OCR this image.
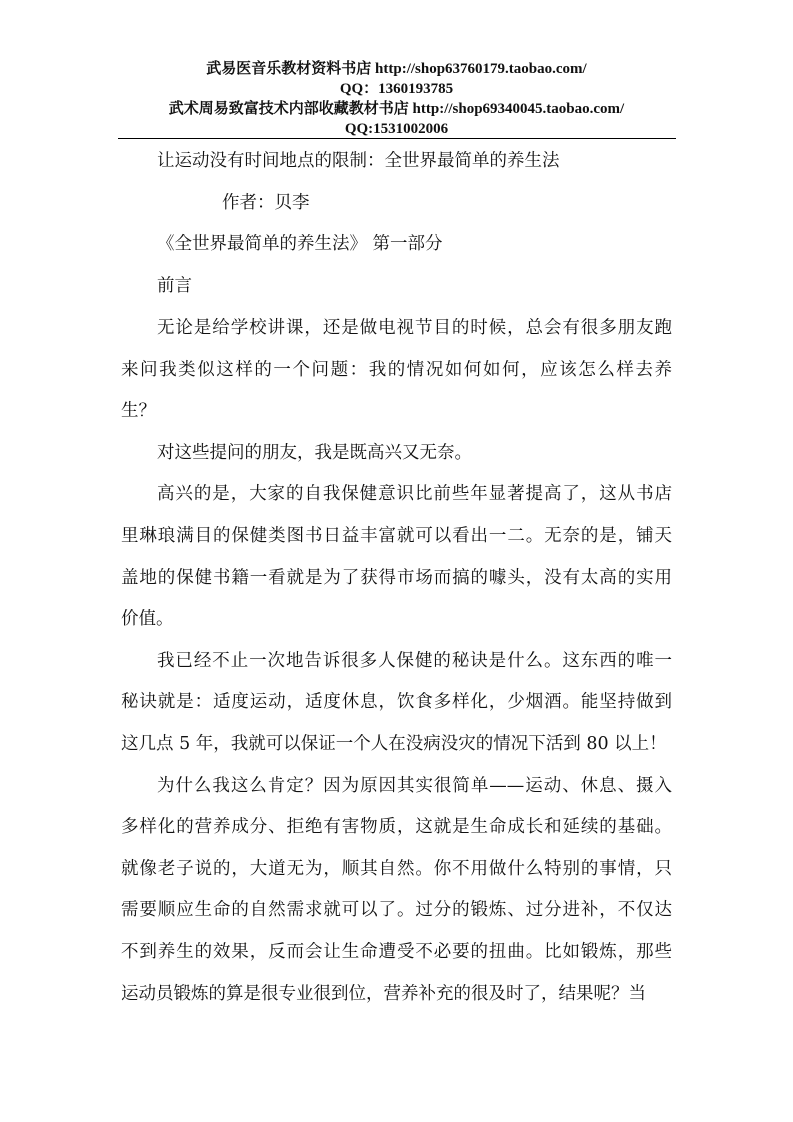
武易医音乐教材资料书店 http://shop63760179.taobao.com/
QQ：1360193785
武术周易致富技术内部收藏教材书店 http://shop69340045.taobao.com/
QQ:1531002006
让运动没有时间地点的限制：全世界最简单的养生法
作者：贝李
《全世界最简单的养生法》 第一部分
前言
无论是给学校讲课，还是做电视节目的时候，总会有很多朋友跑
来问我类似这样的一个问题：我的情况如何如何，应该怎么样去养
生？
对这些提问的朋友，我是既高兴又无奈。
高兴的是，大家的自我保健意识比前些年显著提高了，这从书店
里琳琅满目的保健类图书日益丰富就可以看出一二。无奈的是，铺天
盖地的保健书籍一看就是为了获得市场而搞的噱头，没有太高的实用
价值。
我已经不止一次地告诉很多人保健的秘诀是什么。这东西的唯一
秘诀就是：适度运动，适度休息，饮食多样化，少烟酒。能坚持做到
这几点 5 年，我就可以保证一个人在没病没灾的情况下活到 80 以上！
为什么我这么肯定？因为原因其实很简单——运动、休息、摄入
多样化的营养成分、拒绝有害物质，这就是生命成长和延续的基础。
就像老子说的，大道无为，顺其自然。你不用做什么特别的事情，只
需要顺应生命的自然需求就可以了。过分的锻炼、过分进补，不仅达
不到养生的效果，反而会让生命遭受不必要的扭曲。比如锻炼，那些
运动员锻炼的算是很专业很到位，营养补充的很及时了，结果呢？当
